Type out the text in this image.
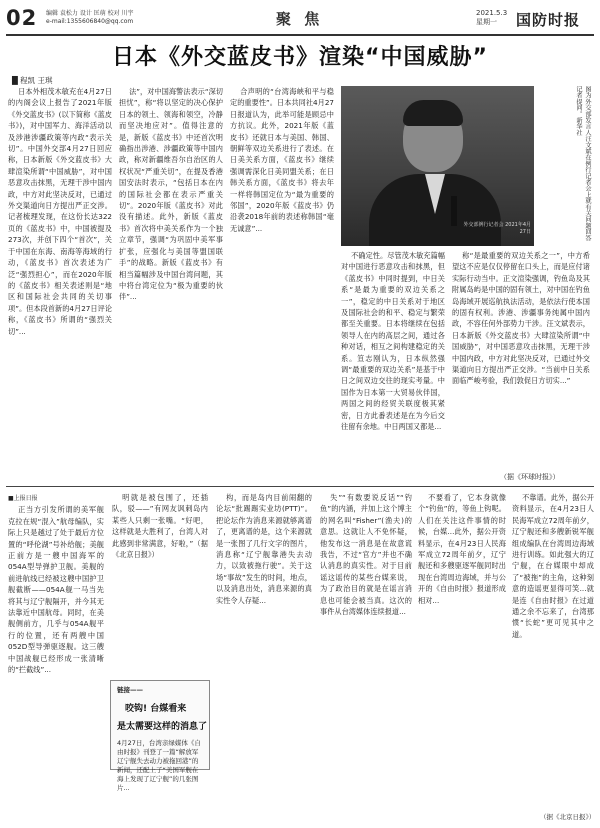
02 编辑 袁松力 设计 匡萌 校对 川宇
e-mail:1355606840@qq.com	聚 焦	2021.5.3
星期一	国防时报
日本《外交蓝皮书》渲染“中国威胁”
█ 程凯 王琪

日本外相茂木敏充在4月27日的内阁会议上报告了2021年版《外交蓝皮书》(以下简称《蓝皮书》)，对中国军力、海洋活动以及涉港涉疆政策等内政“表示关切”。中国外交部4月27日回应称，日本新版《外交蓝皮书》大肆渲染所谓“中国威胁”，对中国恶意攻击抹黑，无理干涉中国内政，中方对此坚决反对，已通过外交渠道向日方提出严正交涉。记者梳理发现，在这份长达322页的《蓝皮书》中，中国被提及273次，并创下四个“首次”，关于中国在东海、南海等海域的行动，《蓝皮书》首次表述为广泛“强烈担心”，而在2020年版的《蓝皮书》相关表述则是“地区和国际社会共同的关切事项”。但本段首新的4月27日评论称，《蓝皮书》所谓的“强烈关切”...

法”，对中国海警法表示“深切担忧”，称“将以坚定的决心保护日本的领土、领海和领空，冷静而坚决地应对”。值得注意的是，新版《蓝皮书》中还首次明确指出涉港、涉疆政策等中国内政，称对新疆维吾尔自治区的人权状况“严重关切”，在提及香港国安法时表示，“包括日本在内的国际社会都在表示严重关切”。2020年版《蓝皮书》对此没有描述。此外，新版《蓝皮书》首次将中美关系作为一个独立章节，强调“为巩固中美军事扩张，应强化与美国等盟国联手”的战略。新版《蓝皮书》有相当篇幅涉及中国台湾问题，其中将台湾定位为“极为重要的伙伴”...

合声明的“台湾海峡和平与稳定的重要性”。日本共同社4月27日报道认为，此举可能是顾忌中方抗议。此外，2021年版《蓝皮书》还就日本与美国、韩国、朝鲜等双边关系进行了表述。在日美关系方面，《蓝皮书》继续强调需深化日美同盟关系；在日韩关系方面，《蓝皮书》将去年一样将韩国定位为“最为重要的邻国”，2020年版《蓝皮书》仍沿袭2018年前的表述称韩国“毫无诚意”...	外交部例行记者会 2021年4月27日	图为外交部发言人汪文斌在例行记者会上就有关问题回答记者提问。新华社

不确定性。尽管茂木敏充篇幅对中国进行恶意攻击和抹黑，但《蓝皮书》中同时提到，中日关系“是最为重要的双边关系之一”，稳定的中日关系对于地区及国际社会的和平、稳定与繁荣都至关重要。日本将继续在包括领导人在内的高层之间，通过各种对话，相互之间构建稳定的关系。笪志刚认为，日本纵然强调“最重要的双边关系”是基于中日之间双边交往的现实考量。中国作为日本第一大贸易伙伴国，两国之间的经贸关联度极其紧密，日方此番表述是在为今后交往留有余地。中日两国又都是...

称“是最重要的双边关系之一”，中方希望这不应是仅仅停留在口头上，而是应付诸实际行动当中。正文渲染强调，钓鱼岛及其附属岛屿是中国的固有领土，对中国在钓鱼岛海域开展巡航执法活动，是依法行使本国的固有权利。涉港、涉疆事务纯属中国内政，不容任何外部势力干涉。汪文斌表示，日本新版《外交蓝皮书》大肆渲染所谓“中国威胁”，对中国恶意攻击抹黑，无理干涉中国内政，中方对此坚决反对，已通过外交渠道向日方提出严正交涉。“当前中日关系面临严峻考验，我们敦促日方切实...”

（据《环球时报》）
■上报日报

正当方引发所谓的美军舰克拉在规“混入”航母编队，实际上只是越过了处于最后方位置的“呼伦湖”号补给舰；美舰正前方是一艘中国海军的054A型导弹护卫舰。美舰的前进航线已经被这艘中国护卫舰截断——054A舰一马当先将其与辽宁舰隔开，并今其无法靠近中国航母。同时，在美舰侧前方，几乎与054A舰平行的位置，还有两艘中国052D型导弹驱逐舰。这三艘中国战舰已经形成一张清晰的“拦截线”...

明就是被包围了，还插队，驳——”有网友讽刺岛内某些人只剩一张嘴。“好吧，这样就是大胜利了，台湾人对此感到非常满意，好啦，”（据《北京日报》）

链接——
咬钩! 台媒看来
是太需要这样的消息了
4月27日，台湾亲绿媒体《自由时报》刊登了一篇“解放军辽宁舰失去动力被拖回港”的新闻，还配上了“美国军舰在海上发现了辽宁舰”的几张图片...

构，而是岛内目前闹翻的论坛“批踢踢实业坊(PTT)”。把论坛作为消息来源就够离谱了，更离谱的是，这个来源就是一张图了几行文字的图片，消息称“辽宁舰靠港失去动力，以致被拖行驶”。关于这场“事故”发生的时间，地点，以及消息出处，消息来源的真实性令人存疑...

失”“有数要说反话”“钓鱼”的内涵，并加上这个博主的网名叫“Fisher”(渔夫)的意思。这就让人不免怀疑，他发布这一消息是在故意谎我告，不过“官方”并也不确认消息的真实性。对于目前谣这谣传的某些台媒来说，为了政治目的就是在谣言消息也可能会被当真。这次的事件从台湾媒体连续报道...

不要看了，它本身就像个“钓鱼”的，等鱼上钩呢。人们在关注这件事情的时候，台媒...此外，据公开资料显示，在4月23日人民海军成立72周年前夕，辽宁舰还和多艘驱逐军舰同时出现在台湾周边海域，并与公开的《自由时报》报道形成相对...

不靠谱。此外，据公开资料显示，在4月23日人民海军成立72周年前夕，辽宁舰还和多艘新锐军舰组成编队在台湾周边海域进行训练。如此强大的辽宁舰，在台媒眼中却成了“被拖”的主角，这种刻意的造谣更显得可笑...就是连《自由时报》在过道通之余不忘来了，台湾那惯“长蛇”更可见其中之道。

（据《北京日报》）
